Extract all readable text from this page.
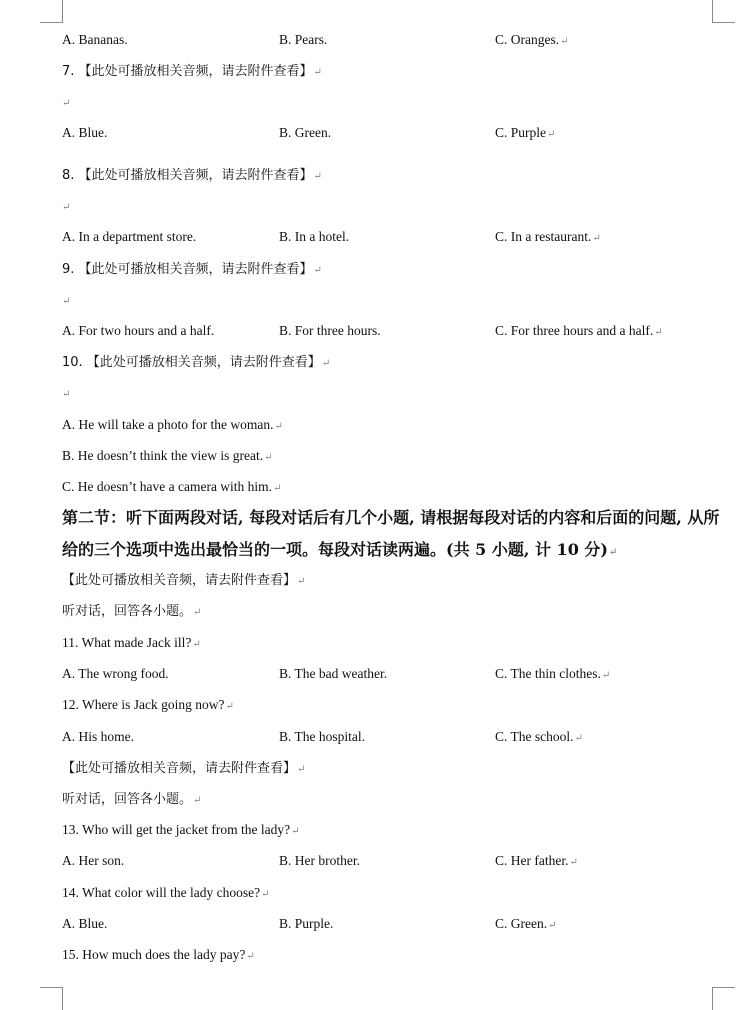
A. Bananas.	B. Pears.	C. Oranges.↵
7. 【此处可播放相关音频，请去附件查看】↵
↵
A. Blue.	B. Green.	C. Purple↵
8. 【此处可播放相关音频，请去附件查看】↵
↵
A. In a department store.	B. In a hotel.	C. In a restaurant.↵
9. 【此处可播放相关音频，请去附件查看】↵
↵
A. For two hours and a half.	B. For three hours.	C. For three hours and a half.↵
10. 【此处可播放相关音频，请去附件查看】↵
↵
A. He will take a photo for the woman.↵
B. He doesn’t think the view is great.↵
C. He doesn’t have a camera with him.↵
【此处可播放相关音频，请去附件查看】↵
听对话，回答各小题。↵
11. What made Jack ill?↵
A. The wrong food.	B. The bad weather.	C. The thin clothes.↵
12. Where is Jack going now?↵
A. His home.	B. The hospital.	C. The school.↵
【此处可播放相关音频，请去附件查看】↵
听对话，回答各小题。↵
13. Who will get the jacket from the lady?↵
A. Her son.	B. Her brother.	C. Her father.↵
14. What color will the lady choose?↵
A. Blue.	B. Purple.	C. Green.↵
15. How much does the lady pay?↵
第二节：听下面两段对话, 每段对话后有几个小题, 请根据每段对话的内容和后面的问题, 从所给的三个选项中选出最恰当的一项。每段对话读两遍。(共 5 小题, 计 10 分)↵
